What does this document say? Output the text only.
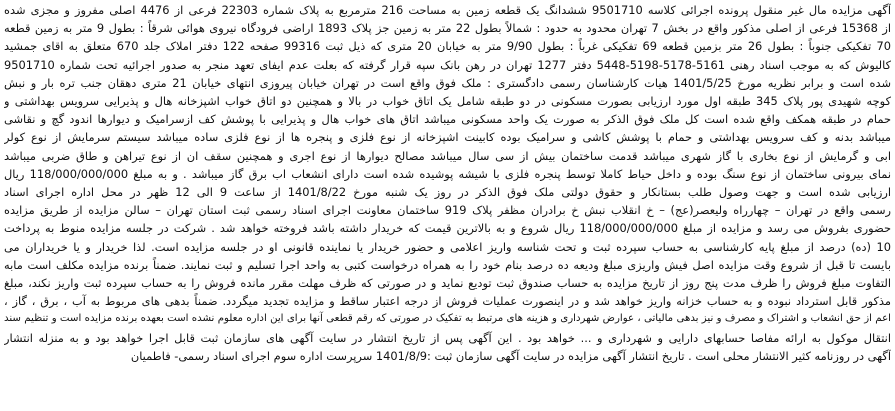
آگهی مزایده مال غیر منقول پرونده اجرائی کلاسه 9501710 ششدانگ یک قطعه زمین به مساحت 216 مترمربع به پلاک شماره 22303 فرعی از 4476 اصلی مفروز و مجزی شده
از 15368 فرعی از اصلی مذکور واقع در بخش 7 تهران محدود به حدود : شمالاً بطول 22 متر به زمین جز پلاک 1893 اراضی فرودگاه نیروی هوائی شرقاً : بطول 9 متر به زمین قطعه
70 تفکیکی جنوباً : بطول 26 متر بزمین قطعه 69 تفکیکی غرباً : بطول 9/90 متر به خیابان 20 متری که ذیل ثبت 99316 صفحه 122 دفتر املاک جلد 670 متعلق به اقای جمشید
کالیوش که به موجب اسناد رهنی 5161-5178-5198-5448 دفتر 1277 تهران در رهن بانک سپه قرار گرفته که بعلت عدم ایفای تعهد منجر به صدور اجرائیه تحت شماره 9501710
شده است و برابر نظریه مورخ 1401/5/25 هیات کارشناسان رسمی دادگستری : ملک فوق واقع است در تهران خیابان پیروزی انتهای خیابان 21 متری دهقان جنب تره بار و نبش
کوچه شهیدی پور پلاک 345 طبقه اول مورد ارزیابی بصورت مسکونی در دو طبقه شامل یک اتاق خواب در بالا و همچنین دو اتاق خواب اشپزخانه هال و پذیرایی سرویس بهداشتی و
حمام در طبقه همکف واقع شده است کل ملک فوق الذکر به صورت یک واحد مسکونی میباشد اتاق های خواب هال و پذیرایی با پوشش کف ازسرامیک و دیوارها اندود گچ و نقاشی
میباشد بدنه و کف سرویس بهداشتی و حمام با پوشش کاشی و سرامیک بوده کابینت اشپزخانه از نوع فلزی و پنجره ها از نوع فلزی ساده میباشد سیستم سرمایش از نوع کولر
ابی و گرمایش از نوع بخاری با گاز شهری میباشد قدمت ساختمان بیش از سی سال میباشد مصالح دیوارها از نوع اجری و همچنین سقف ان از نوع تیراهن و طاق ضربی میباشد
نمای بیرونی ساختمان از نوع سنگ بوده و داخل حیاط کاملا توسط پنجره فلزی با شیشه پوشیده شده است دارای انشعاب اب برق گاز میباشد . و به مبلغ 118/000/000/000 ریال
ارزیابی شده است و جهت وصول طلب بستانکار و حقوق دولتی ملک فوق الذکر در روز یک شنبه مورخ 1401/8/22 از ساعت 9 الی 12 ظهر در محل اداره اجرای اسناد
رسمی واقع در تهران – چهارراه ولیعصر(عج) – خ انقلاب نبش خ برادران مظفر پلاک 919 ساختمان معاونت اجرای اسناد رسمی ثبت استان تهران – سالن مزایده از طریق مزایده
حضوری بفروش می رسد و مزایده از مبلغ 118/000/000/000 ریال شروع و به بالاترین قیمت که خریدار داشته باشد فروخته خواهد شد . شرکت در جلسه مزایده منوط به پرداخت
10 (ده) درصد از مبلغ پایه کارشناسی به حساب سپرده ثبت و تحت شناسه واریز اعلامی و حضور خریدار یا نماینده قانونی او در جلسه مزایده است. لذا خریدار و یا خریداران می
بایست تا قبل از شروع وقت مزایده اصل فیش واریزی مبلغ ودیعه ده درصد بنام خود را به همراه درخواست کتبی به واحد اجرا تسلیم و ثبت نمایند. ضمناً برنده مزایده مکلف است مابه
التفاوت مبلغ فروش را ظرف مدت پنج روز از تاریخ مزایده به حساب صندوق ثبت تودیع نماید و در صورتی که ظرف مهلت مقرر مانده فروش را به حساب سپرده ثبت واریز نکند، مبلغ
مذکور قابل استرداد نبوده و به حساب خزانه واریز خواهد شد و در اینصورت عملیات فروش از درجه اعتبار ساقط و مزایده تجدید میگردد. ضمناً بدهی های مربوط به آب ، برق ، گاز ،
اعم از حق انشعاب و اشتراک و مصرف و نیز بدهی مالیاتی ، عوارض شهرداری و هزینه های مرتبط به تفکیک در صورتی که رقم قطعی آنها برای این اداره معلوم نشده است بعهده برنده مزایده است و تنظیم سند
انتقال موکول به ارائه مفاصا حسابهای دارایی و شهرداری و ... خواهد بود . این آگهی پس از تاریخ انتشار در سایت آگهی های سازمان ثبت قابل اجرا خواهد بود و به منزله انتشار
آگهی در روزنامه کثیر الانتشار محلی است . تاریخ انتشار آگهی مزایده در سایت آگهی سازمان ثبت :1401/8/9 سرپرست اداره سوم اجرای اسناد رسمی- فاطمیان
